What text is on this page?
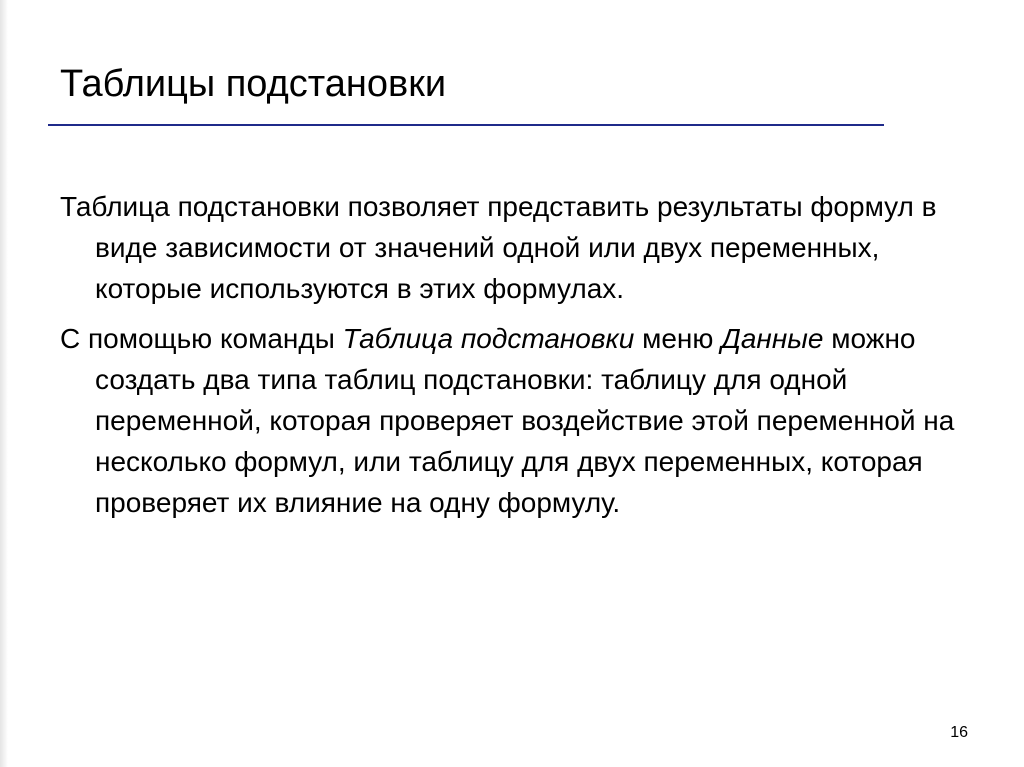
Таблицы подстановки

Таблица подстановки позволяет представить результаты формул в виде зависимости от значений одной или двух переменных, которые используются в этих формулах.

С помощью команды Таблица подстановки меню Данные можно создать два типа таблиц подстановки: таблицу для одной переменной, которая проверяет воздействие этой переменной на несколько формул, или таблицу для двух переменных, которая проверяет их влияние на одну формулу.

16
